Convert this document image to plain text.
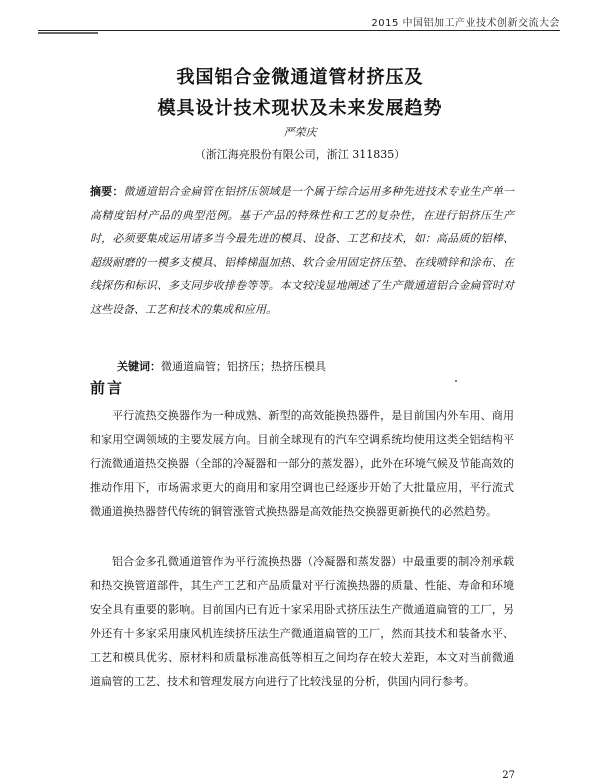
2015 中国铝加工产业技术创新交流大会
我国铝合金微通道管材挤压及
模具设计技术现状及未来发展趋势
严荣庆
（浙江海亮股份有限公司，浙江 311835）
摘要：微通道铝合金扁管在铝挤压领域是一个属于综合运用多种先进技术专业生产单一高精度铝材产品的典型范例。基于产品的特殊性和工艺的复杂性，在进行铝挤压生产时，必须要集成运用诸多当今最先进的模具、设备、工艺和技术，如：高品质的铝棒、超级耐磨的一模多支模具、铝棒梯温加热、软合金用固定挤压垫、在线喷锌和涂布、在线探伤和标识、多支同步收排卷等等。本文较浅显地阐述了生产微通道铝合金扁管时对这些设备、工艺和技术的集成和应用。
关键词：微通道扁管；铝挤压；热挤压模具
前言
平行流热交换器作为一种成熟、新型的高效能换热器件，是目前国内外车用、商用和家用空调领域的主要发展方向。目前全球现有的汽车空调系统均使用这类全铝结构平行流微通道热交换器（全部的冷凝器和一部分的蒸发器），此外在环境气候及节能高效的推动作用下，市场需求更大的商用和家用空调也已经逐步开始了大批量应用，平行流式微通道换热器替代传统的铜管涨管式换热器是高效能热交换器更新换代的必然趋势。
铝合金多孔微通道管作为平行流换热器（冷凝器和蒸发器）中最重要的制冷剂承载和热交换管道部件，其生产工艺和产品质量对平行流换热器的质量、性能、寿命和环境安全具有重要的影响。目前国内已有近十家采用卧式挤压法生产微通道扁管的工厂，另外还有十多家采用康风机连续挤压法生产微通道扁管的工厂，然而其技术和装备水平、工艺和模具优劣、原材料和质量标准高低等相互之间均存在较大差距，本文对当前微通道扁管的工艺、技术和管理发展方向进行了比较浅显的分析，供国内同行参考。
27
